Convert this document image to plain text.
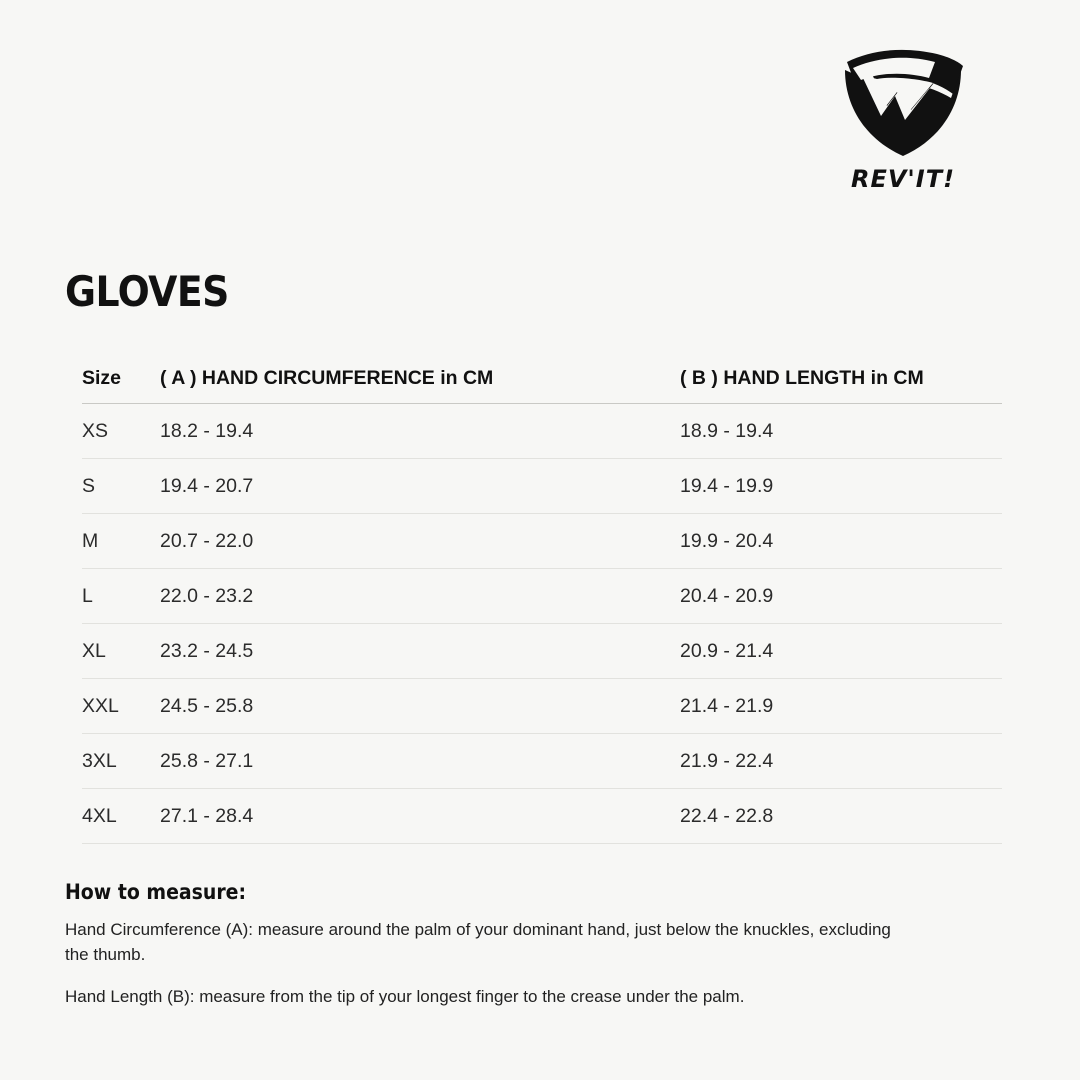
REV'IT!
GLOVES
Size	( A ) HAND CIRCUMFERENCE in CM	( B ) HAND LENGTH in CM
XS	18.2 - 19.4	18.9 - 19.4
S	19.4 - 20.7	19.4 - 19.9
M	20.7 - 22.0	19.9 - 20.4
L	22.0 - 23.2	20.4 - 20.9
XL	23.2 - 24.5	20.9 - 21.4
XXL	24.5 - 25.8	21.4 - 21.9
3XL	25.8 - 27.1	21.9 - 22.4
4XL	27.1 - 28.4	22.4 - 22.8
How to measure:

Hand Circumference (A): measure around the palm of your dominant hand, just below the knuckles, excluding the thumb.

Hand Length (B): measure from the tip of your longest finger to the crease under the palm.
